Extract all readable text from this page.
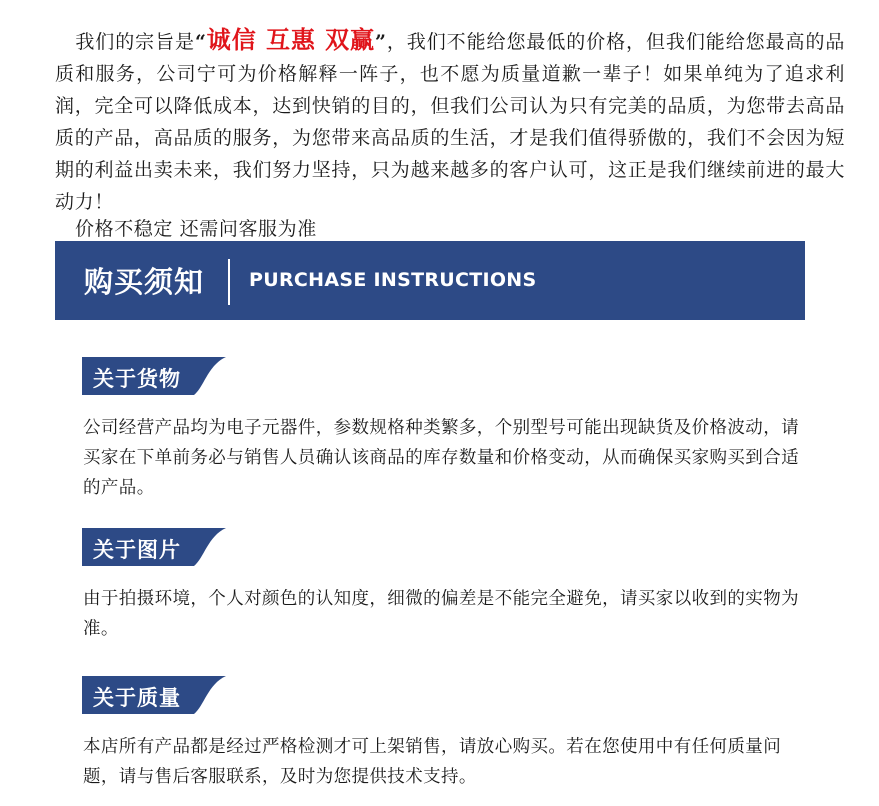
我们的宗旨是“诚信 互惠 双赢”，我们不能给您最低的价格，但我们能给您最高的品质和服务，公司宁可为价格解释一阵子，也不愿为质量道歉一辈子！如果单纯为了追求利润，完全可以降低成本，达到快销的目的，但我们公司认为只有完美的品质，为您带去高品质的产品，高品质的服务，为您带来高品质的生活，才是我们值得骄傲的，我们不会因为短期的利益出卖未来，我们努力坚持，只为越来越多的客户认可，这正是我们继续前进的最大动力！

价格不稳定 还需问客服为准
购买须知 PURCHASE INSTRUCTIONS
关于货物

公司经营产品均为电子元器件，参数规格种类繁多，个别型号可能出现缺货及价格波动，请买家在下单前务必与销售人员确认该商品的库存数量和价格变动，从而确保买家购买到合适的产品。

关于图片

由于拍摄环境，个人对颜色的认知度，细微的偏差是不能完全避免，请买家以收到的实物为准。

关于质量

本店所有产品都是经过严格检测才可上架销售，请放心购买。若在您使用中有任何质量问题，请与售后客服联系，及时为您提供技术支持。
